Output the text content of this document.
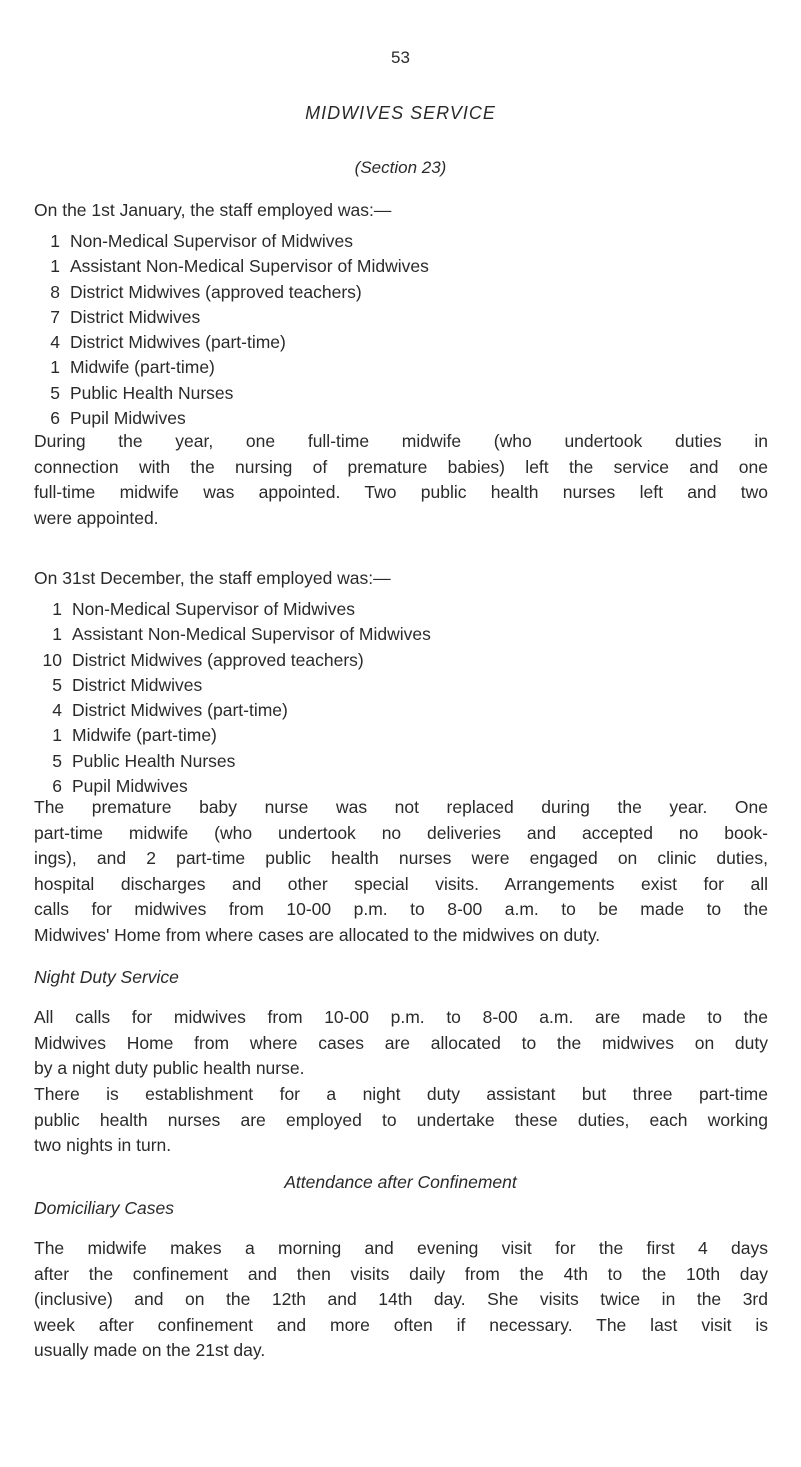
53
MIDWIVES SERVICE
(Section 23)
On the 1st January, the staff employed was:—
1 Non-Medical Supervisor of Midwives
1 Assistant Non-Medical Supervisor of Midwives
8 District Midwives (approved teachers)
7 District Midwives
4 District Midwives (part-time)
1 Midwife (part-time)
5 Public Health Nurses
6 Pupil Midwives
During the year, one full-time midwife (who undertook duties in
connection with the nursing of premature babies) left the service and one
full-time midwife was appointed. Two public health nurses left and two
were appointed.
On 31st December, the staff employed was:—
1 Non-Medical Supervisor of Midwives
1 Assistant Non-Medical Supervisor of Midwives
10 District Midwives (approved teachers)
5 District Midwives
4 District Midwives (part-time)
1 Midwife (part-time)
5 Public Health Nurses
6 Pupil Midwives
The premature baby nurse was not replaced during the year. One
part-time midwife (who undertook no deliveries and accepted no book-
ings), and 2 part-time public health nurses were engaged on clinic duties,
hospital discharges and other special visits. Arrangements exist for all
calls for midwives from 10-00 p.m. to 8-00 a.m. to be made to the
Midwives' Home from where cases are allocated to the midwives on duty.
Night Duty Service
All calls for midwives from 10-00 p.m. to 8-00 a.m. are made to the
Midwives Home from where cases are allocated to the midwives on duty
by a night duty public health nurse.
There is establishment for a night duty assistant but three part-time
public health nurses are employed to undertake these duties, each working
two nights in turn.
Attendance after Confinement
Domiciliary Cases
The midwife makes a morning and evening visit for the first 4 days
after the confinement and then visits daily from the 4th to the 10th day
(inclusive) and on the 12th and 14th day. She visits twice in the 3rd
week after confinement and more often if necessary. The last visit is
usually made on the 21st day.
